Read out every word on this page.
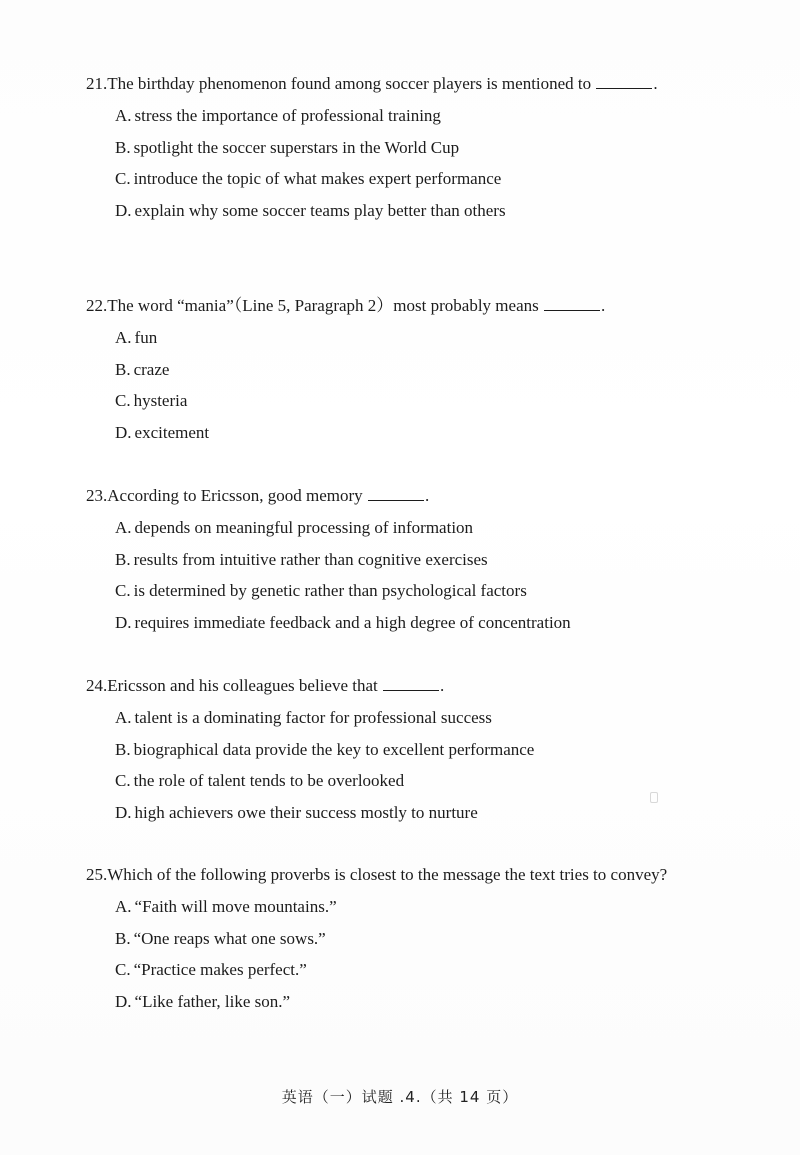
21.The birthday phenomenon found among soccer players is mentioned to	.

A. stress the importance of professional training
B. spotlight the soccer superstars in the World Cup
C. introduce the topic of what makes expert performance
D. explain why some soccer teams play better than others

22.The word “mania”（Line 5, Paragraph 2）most probably means	.

A. fun
B. craze
C. hysteria
D. excitement

23.According to Ericsson, good memory	.

A. depends on meaningful processing of information
B. results from intuitive rather than cognitive exercises
C. is determined by genetic rather than psychological factors
D. requires immediate feedback and a high degree of concentration

24.Ericsson and his colleagues believe that	.

A. talent is a dominating factor for professional success
B. biographical data provide the key to excellent performance
C. the role of talent tends to be overlooked
D. high achievers owe their success mostly to nurture

25.Which of the following proverbs is closest to the message the text tries to convey?

A. “Faith will move mountains.”
B. “One reaps what one sows.”
C. “Practice makes perfect.”
D. “Like father, like son.”
英语（一）试题 .4.（共 14 页）
